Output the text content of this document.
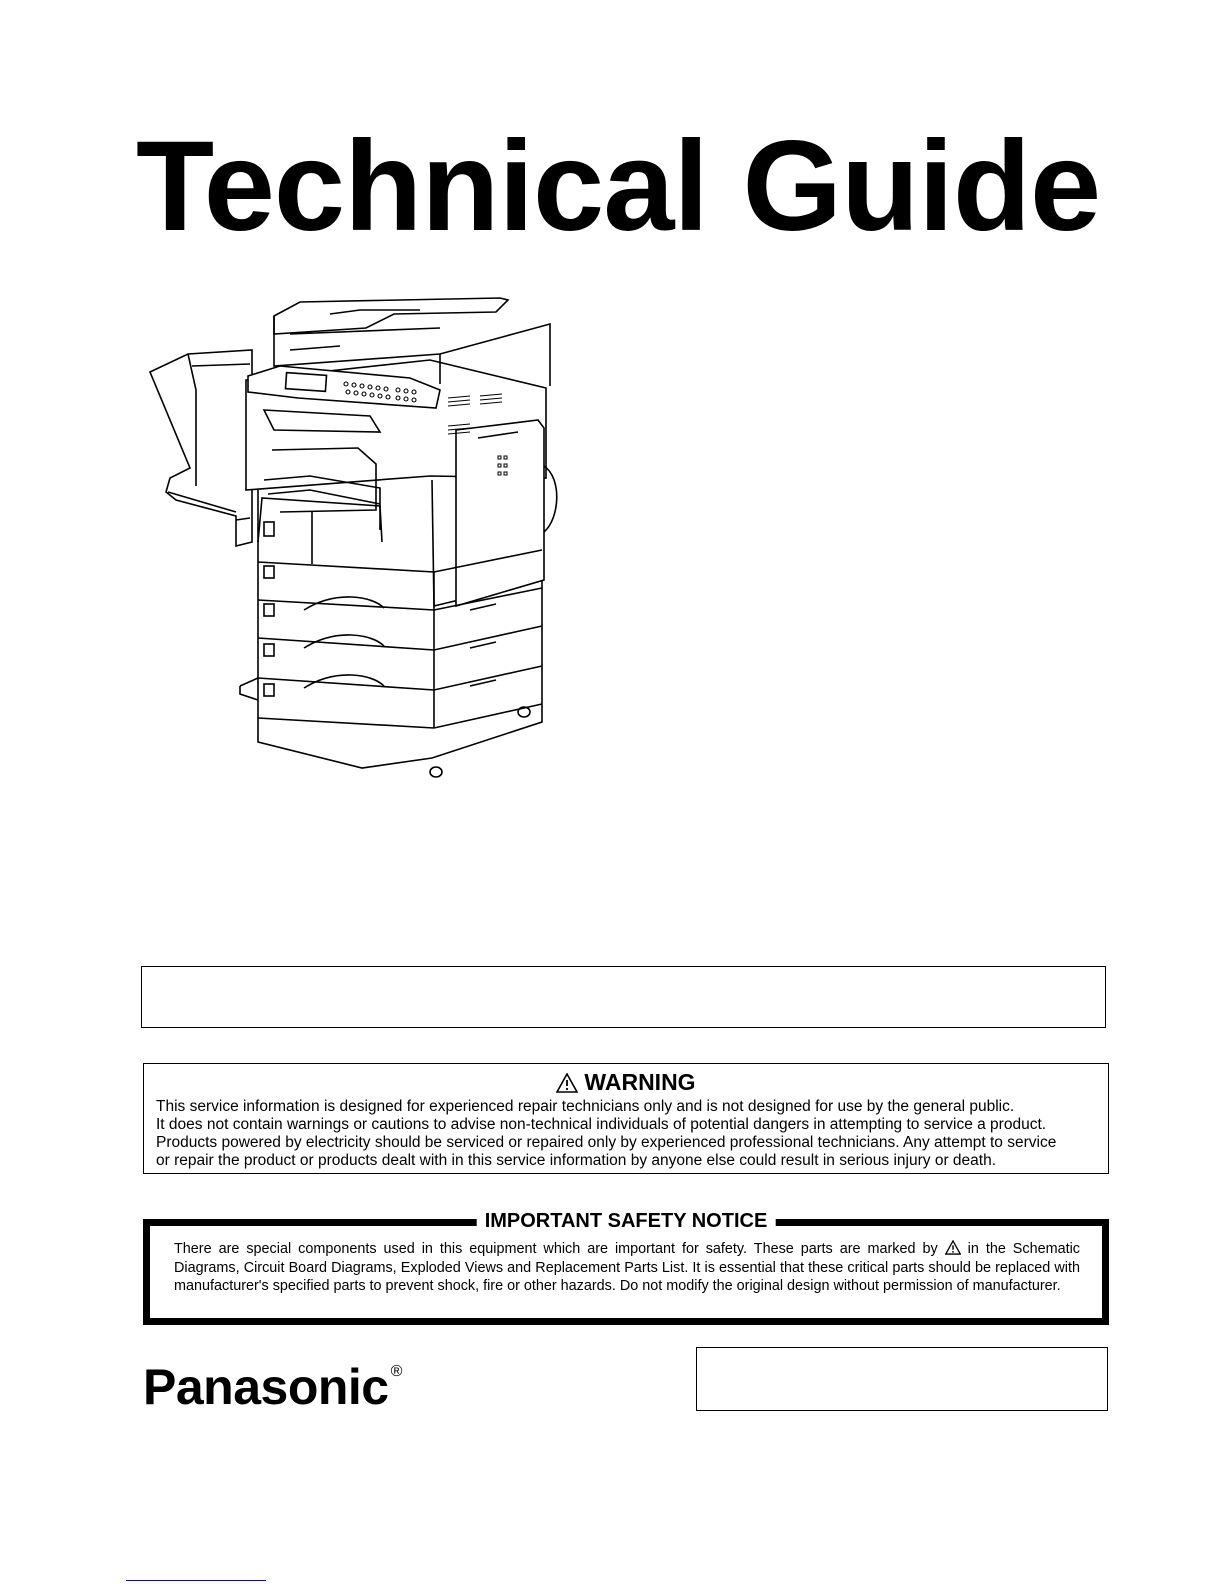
Technical Guide
WARNING
This service information is designed for experienced repair technicians only and is not designed for use by the general public.
It does not contain warnings or cautions to advise non-technical individuals of potential dangers in attempting to service a product.
Products powered by electricity should be serviced or repaired only by experienced professional technicians. Any attempt to service
or repair the product or products dealt with in this service information by anyone else could result in serious injury or death.
IMPORTANT SAFETY NOTICE
There are special components used in this equipment which are important for safety. These parts are marked by in the Schematic Diagrams, Circuit Board Diagrams, Exploded Views and Replacement Parts List. It is essential that these critical parts should be replaced with manufacturer's specified parts to prevent shock, fire or other hazards. Do not modify the original design without permission of manufacturer.
Panasonic ®
